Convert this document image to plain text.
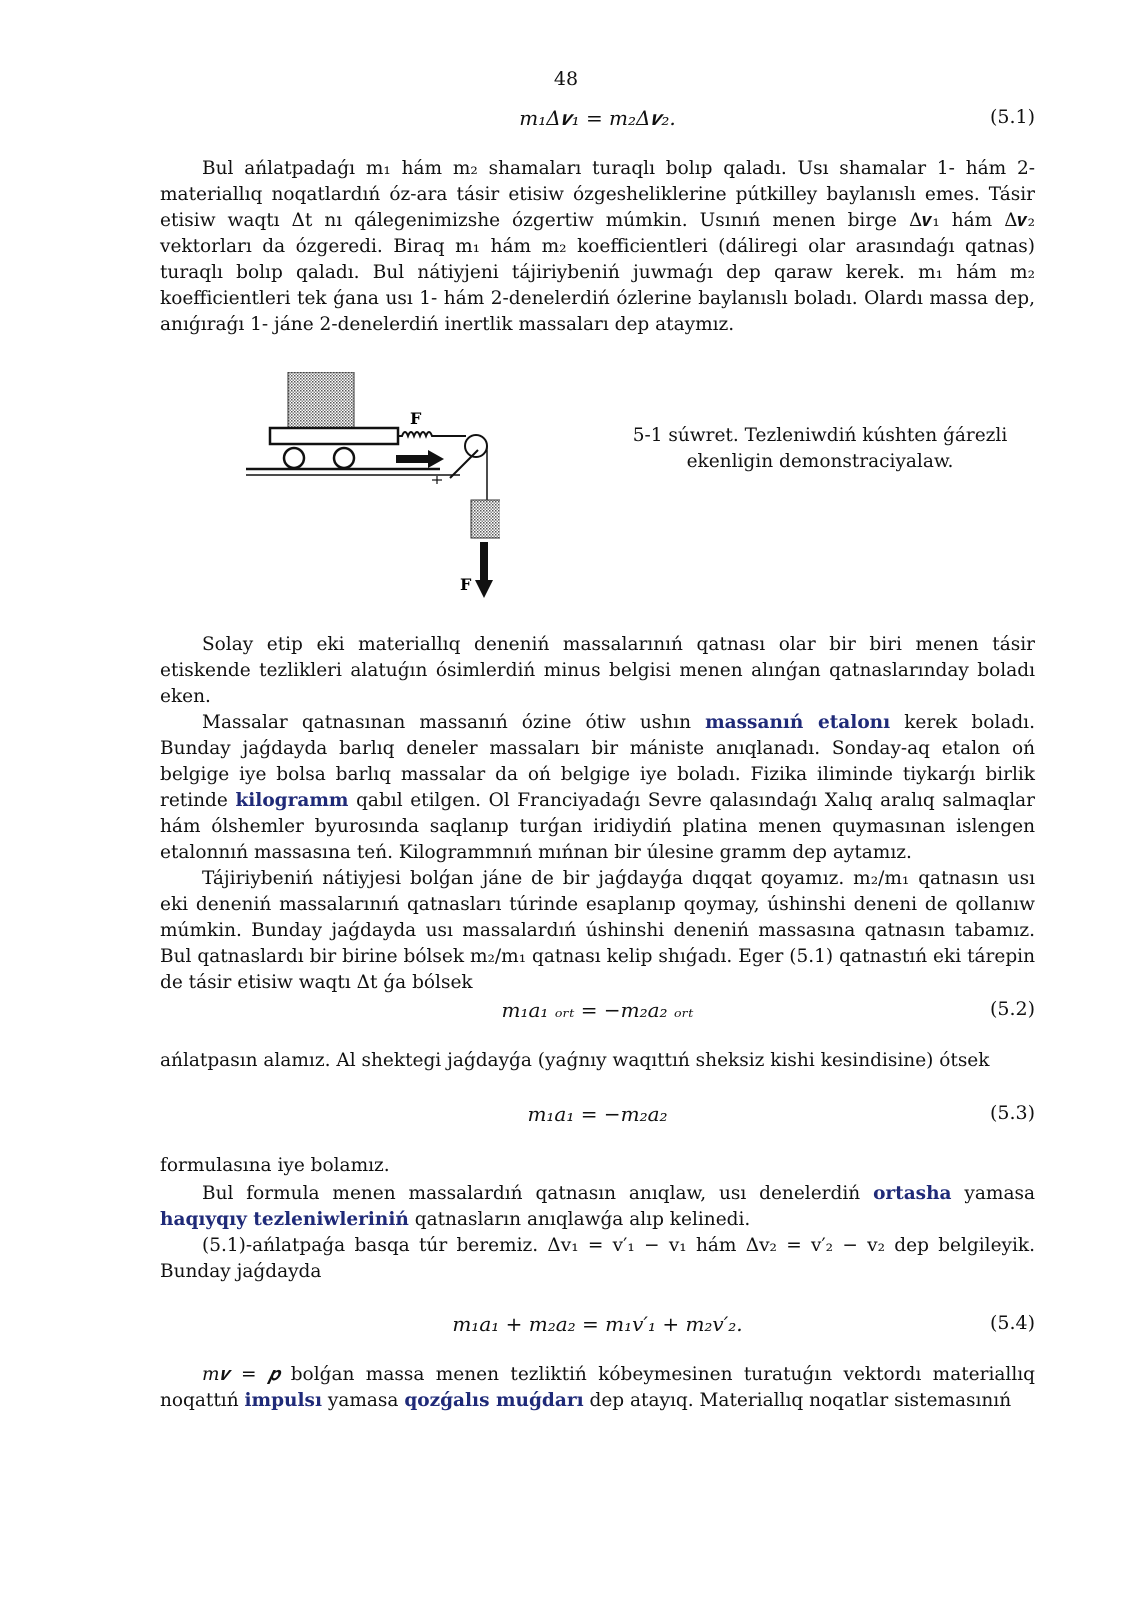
48
m₁Δ𝒗₁ = m₂Δ𝒗₂.	(5.1)

Bul ańlatpadaǵı m₁ hám m₂ shamaları turaqlı bolıp qaladı. Usı shamalar 1- hám 2-materiallıq noqatlardıń óz-ara tásir etisiw ózgesheliklerine pútkilley baylanıslı emes. Tásir etisiw waqtı Δt nı qálegenimizshe ózgertiw múmkin. Usınıń menen birge Δ𝒗₁ hám Δ𝒗₂ vektorları da ózgeredi. Biraq m₁ hám m₂ koefficientleri (dáliregi olar arasındaǵı qatnas) turaqlı bolıp qaladı. Bul nátiyjeni tájiriybeniń juwmaǵı dep qaraw kerek. m₁ hám m₂ koefficientleri tek ǵana usı 1- hám 2-denelerdiń ózlerine baylanıslı boladı. Olardı massa dep, anıǵıraǵı 1- jáne 2-denelerdiń inertlik massaları dep ataymız.

F
F

5-1 súwret. Tezleniwdiń kúshten ǵárezli ekenligin demonstraciyalaw.

Solay etip eki materiallıq deneniń massalarınıń qatnası olar bir biri menen tásir etiskende tezlikleri alatuǵın ósimlerdiń minus belgisi menen alınǵan qatnaslarınday boladı eken.

Massalar qatnasınan massanıń ózine ótiw ushın massanıń etalonı kerek boladı. Bunday jaǵdayda barlıq deneler massaları bir mániste anıqlanadı. Sonday-aq etalon oń belgige iye bolsa barlıq massalar da oń belgige iye boladı. Fizika iliminde tiykarǵı birlik retinde kilogramm qabıl etilgen. Ol Franciyadaǵı Sevre qalasındaǵı Xalıq aralıq salmaqlar hám ólshemler byurosında saqlanıp turǵan iridiydiń platina menen quymasınan islengen etalonnıń massasına teń. Kilogrammnıń mıńnan bir úlesine gramm dep aytamız.

Tájiriybeniń nátiyjesi bolǵan jáne de bir jaǵdayǵa dıqqat qoyamız. m₂/m₁ qatnasın usı eki deneniń massalarınıń qatnasları túrinde esaplanıp qoymay, úshinshi deneni de qollanıw múmkin. Bunday jaǵdayda usı massalardıń úshinshi deneniń massasına qatnasın tabamız. Bul qatnaslardı bir birine bólsek m₂/m₁ qatnası kelip shıǵadı. Eger (5.1) qatnastıń eki tárepin de tásir etisiw waqtı Δt ǵa bólsek

m₁a₁ ₒᵣₜ = −m₂a₂ ₒᵣₜ	(5.2)

ańlatpasın alamız. Al shektegi jaǵdayǵa (yaǵnıy waqıttıń sheksiz kishi kesindisine) ótsek

m₁a₁ = −m₂a₂	(5.3)

formulasına iye bolamız.

Bul formula menen massalardıń qatnasın anıqlaw, usı denelerdiń ortasha yamasa haqıyqıy tezleniwleriniń qatnasların anıqlawǵa alıp kelinedi.

(5.1)-ańlatpaǵa basqa túr beremiz. Δv₁ = v′₁ − v₁ hám Δv₂ = v′₂ − v₂ dep belgileyik. Bunday jaǵdayda

m₁a₁ + m₂a₂ = m₁v′₁ + m₂v′₂.	(5.4)

m𝒗 = 𝒑 bolǵan massa menen tezliktiń kóbeymesinen turatuǵın vektordı materiallıq noqattıń impulsı yamasa qozǵalıs muǵdarı dep atayıq. Materiallıq noqatlar sistemasınıń
